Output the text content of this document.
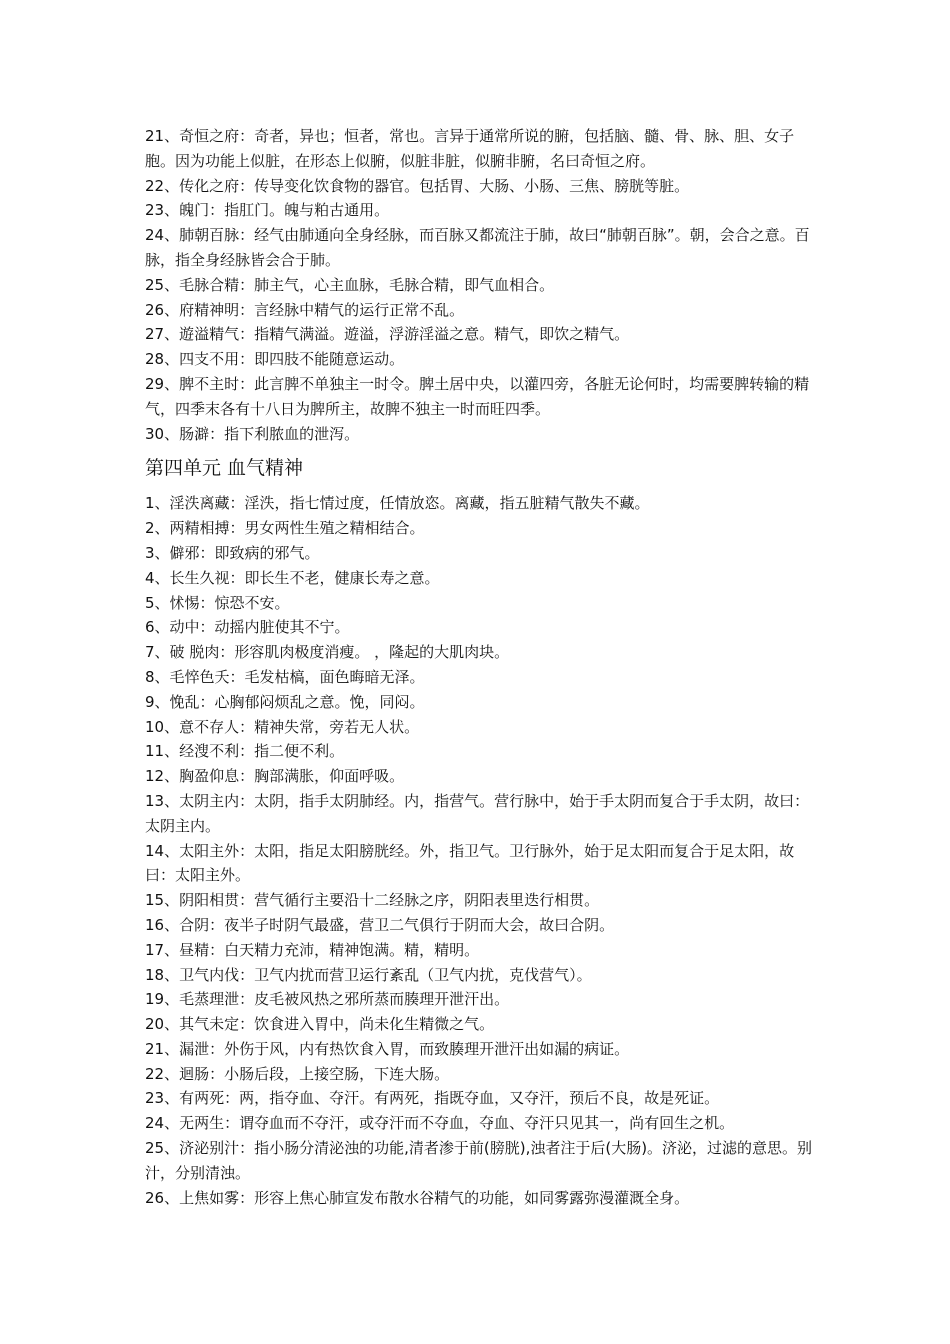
21、奇恒之府：奇者，异也；恒者，常也。言异于通常所说的腑，包括脑、髓、骨、脉、胆、女子胞。因为功能上似脏，在形态上似腑，似脏非脏，似腑非腑，名曰奇恒之府。

22、传化之府：传导变化饮食物的器官。包括胃、大肠、小肠、三焦、膀胱等脏。

23、魄门：指肛门。魄与粕古通用。

24、肺朝百脉：经气由肺通向全身经脉，而百脉又都流注于肺，故曰“肺朝百脉”。朝，会合之意。百脉，指全身经脉皆会合于肺。

25、毛脉合精：肺主气，心主血脉，毛脉合精，即气血相合。

26、府精神明：言经脉中精气的运行正常不乱。

27、遊溢精气：指精气满溢。遊溢，浮游淫溢之意。精气，即饮之精气。

28、四支不用：即四肢不能随意运动。

29、脾不主时：此言脾不单独主一时令。脾土居中央，以灌四旁，各脏无论何时，均需要脾转输的精气，四季末各有十八日为脾所主，故脾不独主一时而旺四季。

30、肠澼：指下利脓血的泄泻。

第四单元 血气精神

1、淫泆离藏：淫泆，指七情过度，任情放恣。离藏，指五脏精气散失不藏。

2、两精相搏：男女两性生殖之精相结合。

3、僻邪：即致病的邪气。

4、长生久视：即长生不老，健康长寿之意。

5、怵惕：惊恐不安。

6、动中：动摇内脏使其不宁。

7、破 脱肉：形容肌肉极度消瘦。 ，隆起的大肌肉块。

8、毛悴色夭：毛发枯槁，面色晦暗无泽。

9、悗乱：心胸郁闷烦乱之意。悗，同闷。

10、意不存人：精神失常，旁若无人状。

11、经溲不利：指二便不利。

12、胸盈仰息：胸部满胀，仰面呼吸。

13、太阴主内：太阴，指手太阴肺经。内，指营气。营行脉中，始于手太阴而复合于手太阴，故曰：太阴主内。

14、太阳主外：太阳，指足太阳膀胱经。外，指卫气。卫行脉外，始于足太阳而复合于足太阳，故曰：太阳主外。

15、阴阳相贯：营气循行主要沿十二经脉之序，阴阳表里迭行相贯。

16、合阴：夜半子时阴气最盛，营卫二气俱行于阴而大会，故曰合阴。

17、昼精：白天精力充沛，精神饱满。精，精明。

18、卫气内伐：卫气内扰而营卫运行紊乱（卫气内扰，克伐营气）。

19、毛蒸理泄：皮毛被风热之邪所蒸而腠理开泄汗出。

20、其气未定：饮食进入胃中，尚未化生精微之气。

21、漏泄：外伤于风，内有热饮食入胃，而致腠理开泄汗出如漏的病证。

22、迴肠：小肠后段，上接空肠，下连大肠。

23、有两死：两，指夺血、夺汗。有两死，指既夺血，又夺汗，预后不良，故是死证。

24、无两生：谓夺血而不夺汗，或夺汗而不夺血，夺血、夺汗只见其一，尚有回生之机。

25、济泌别汁：指小肠分清泌浊的功能,清者渗于前(膀胱),浊者注于后(大肠)。济泌，过滤的意思。别汁，分别清浊。

26、上焦如雾：形容上焦心肺宣发布散水谷精气的功能，如同雾露弥漫灌溉全身。
